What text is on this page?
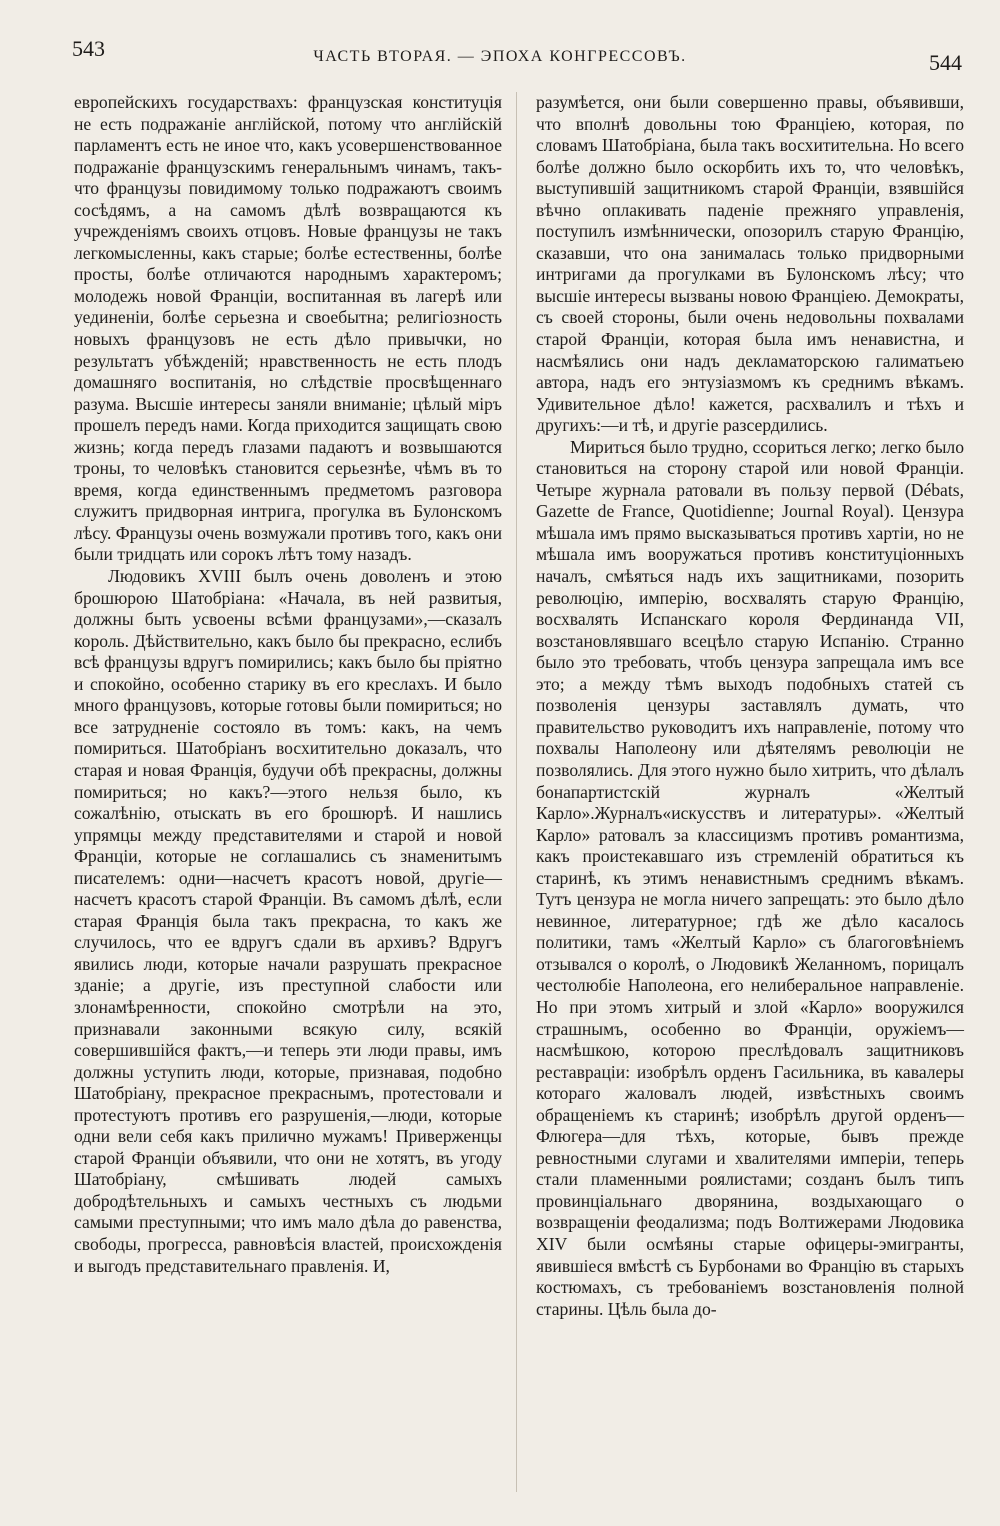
543	ЧАСТЬ ВТОРАЯ. — ЭПОХА КОНГРЕССОВЪ.	544

европейскихъ государствахъ: французская конституція не есть подражаніе англійской, потому что англійскій парламентъ есть не иное что, какъ усовершенствованное подражаніе французскимъ генеральнымъ чинамъ, такъ-что французы повидимому только подражаютъ своимъ сосѣдямъ, а на самомъ дѣлѣ возвращаются къ учрежденіямъ своихъ отцовъ. Новые французы не такъ легкомысленны, какъ старые; болѣе естественны, болѣе просты, болѣе отличаются народнымъ характеромъ; молодежь новой Франціи, воспитанная въ лагерѣ или уединеніи, болѣе серьезна и своебытна; религіозность новыхъ французовъ не есть дѣло привычки, но результатъ убѣжденій; нравственность не есть плодъ домашняго воспитанія, но слѣдствіе просвѣщеннаго разума. Высшіе интересы заняли вниманіе; цѣлый міръ прошелъ передъ нами. Когда приходится защищать свою жизнь; когда передъ глазами падаютъ и возвышаются троны, то человѣкъ становится серьезнѣе, чѣмъ въ то время, когда единственнымъ предметомъ разговора служитъ придворная интрига, прогулка въ Булонскомъ лѣсу. Французы очень возмужали противъ того, какъ они были тридцать или сорокъ лѣтъ тому назадъ.

Людовикъ XVIII былъ очень доволенъ и этою брошюрою Шатобріана: «Начала, въ ней развитыя, должны быть усвоены всѣми французами»,—сказалъ король. Дѣйствительно, какъ было бы прекрасно, еслибъ всѣ французы вдругъ помирились; какъ было бы пріятно и спокойно, особенно старику въ его креслахъ. И было много французовъ, которые готовы были помириться; но все затрудненіе состояло въ томъ: какъ, на чемъ помириться. Шатобріанъ восхитительно доказалъ, что старая и новая Франція, будучи обѣ прекрасны, должны помириться; но какъ?—этого нельзя было, къ сожалѣнію, отыскать въ его брошюрѣ. И нашлись упрямцы между представителями и старой и новой Франціи, которые не соглашались съ знаменитымъ писателемъ: одни—насчетъ красотъ новой, другіе—насчетъ красотъ старой Франціи. Въ самомъ дѣлѣ, если старая Франція была такъ прекрасна, то какъ же случилось, что ее вдругъ сдали въ архивъ? Вдругъ явились люди, которые начали разрушать прекрасное зданіе; а другіе, изъ преступной слабости или злонамѣренности, спокойно смотрѣли на это, признавали законными всякую силу, всякій совершившійся фактъ,—и теперь эти люди правы, имъ должны уступить люди, которые, признавая, подобно Шатобріану, прекрасное прекраснымъ, протестовали и протестуютъ противъ его разрушенія,—люди, которые одни вели себя какъ прилично мужамъ! Приверженцы старой Франціи объявили, что они не хотятъ, въ угоду Шатобріану, смѣшивать людей самыхъ добродѣтельныхъ и самыхъ честныхъ съ людьми самыми преступными; что имъ мало дѣла до равенства, свободы, прогресса, равновѣсія властей, происхожденія и выгодъ представительнаго правленія. И,

разумѣется, они были совершенно правы, объявивши, что вполнѣ довольны тою Франціею, которая, по словамъ Шатобріана, была такъ восхитительна. Но всего болѣе должно было оскорбить ихъ то, что человѣкъ, выступившій защитникомъ старой Франціи, взявшійся вѣчно оплакивать паденіе прежняго управленія, поступилъ измѣннически, опозорилъ старую Францію, сказавши, что она занималась только придворными интригами да прогулками въ Булонскомъ лѣсу; что высшіе интересы вызваны новою Франціею. Демократы, съ своей стороны, были очень недовольны похвалами старой Франціи, которая была имъ ненавистна, и насмѣялись они надъ декламаторскою галиматьею автора, надъ его энтузіазмомъ къ среднимъ вѣкамъ. Удивительное дѣло! кажется, расхвалилъ и тѣхъ и другихъ:—и тѣ, и другіе разсердились.

Мириться было трудно, ссориться легко; легко было становиться на сторону старой или новой Франціи. Четыре журнала ратовали въ пользу первой (Débats, Gazette de France, Quotidienne; Journal Royal). Цензура мѣшала имъ прямо высказываться противъ хартіи, но не мѣшала имъ вооружаться противъ конституціонныхъ началъ, смѣяться надъ ихъ защитниками, позорить революцію, имперію, восхвалять старую Францію, восхвалять Испанскаго короля Фердинанда VII, возстановлявшаго всецѣло старую Испанію. Странно было это требовать, чтобъ цензура запрещала имъ все это; а между тѣмъ выходъ подобныхъ статей съ позволенія цензуры заставлялъ думать, что правительство руководитъ ихъ направленіе, потому что похвалы Наполеону или дѣятелямъ революціи не позволялись. Для этого нужно было хитрить, что дѣлалъ бонапартистскій журналъ «Желтый Карло».Журналъ«искусствъ и литературы». «Желтый Карло» ратовалъ за классицизмъ противъ романтизма, какъ проистекавшаго изъ стремленій обратиться къ старинѣ, къ этимъ ненавистнымъ среднимъ вѣкамъ. Тутъ цензура не могла ничего запрещать: это было дѣло невинное, литературное; гдѣ же дѣло касалось политики, тамъ «Желтый Карло» съ благоговѣніемъ отзывался о королѣ, о Людовикѣ Желанномъ, порицалъ честолюбіе Наполеона, его нелиберальное направленіе. Но при этомъ хитрый и злой «Карло» вооружился страшнымъ, особенно во Франціи, оружіемъ—насмѣшкою, которою преслѣдовалъ защитниковъ реставраціи: изобрѣлъ орденъ Гасильника, въ кавалеры котораго жаловалъ людей, извѣстныхъ своимъ обращеніемъ къ старинѣ; изобрѣлъ другой орденъ—Флюгера—для тѣхъ, которые, бывъ прежде ревностными слугами и хвалителями имперіи, теперь стали пламенными роялистами; созданъ былъ типъ провинціальнаго дворянина, воздыхающаго о возвращеніи феодализма; подъ Волтижерами Людовика XIV были осмѣяны старые офицеры-эмигранты, явившіеся вмѣстѣ съ Бурбонами во Францію въ старыхъ костюмахъ, съ требованіемъ возстановленія полной старины. Цѣль была до-
